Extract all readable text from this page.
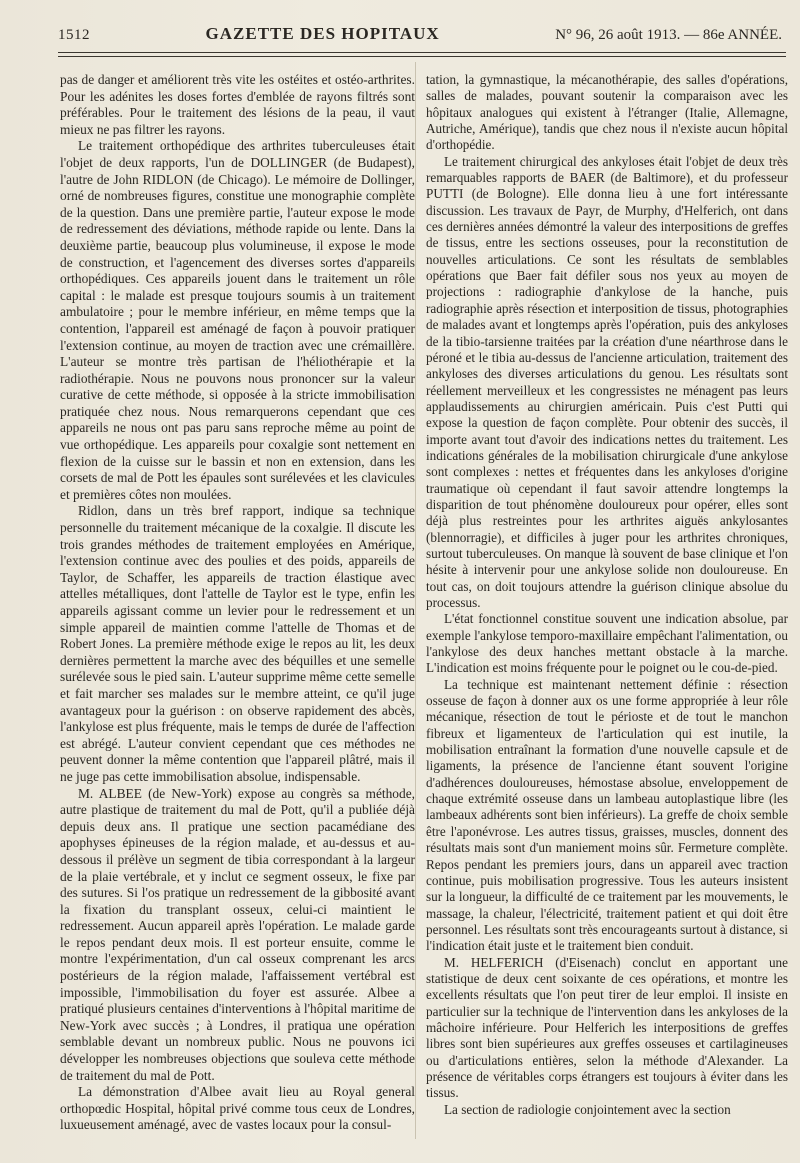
1512	GAZETTE DES HOPITAUX	N° 96, 26 août 1913. — 86e ANNÉE.

pas de danger et améliorent très vite les ostéites et ostéo-arthrites. Pour les adénites les doses fortes d'emblée de rayons filtrés sont préférables. Pour le traitement des lésions de la peau, il vaut mieux ne pas filtrer les rayons.

Le traitement orthopédique des arthrites tuberculeuses était l'objet de deux rapports, l'un de DOLLINGER (de Budapest), l'autre de John RIDLON (de Chicago). Le mémoire de Dollinger, orné de nombreuses figures, constitue une monographie complète de la question. Dans une première partie, l'auteur expose le mode de redressement des déviations, méthode rapide ou lente. Dans la deuxième partie, beaucoup plus volumineuse, il expose le mode de construction, et l'agencement des diverses sortes d'appareils orthopédiques. Ces appareils jouent dans le traitement un rôle capital : le malade est presque toujours soumis à un traitement ambulatoire ; pour le membre inférieur, en même temps que la contention, l'appareil est aménagé de façon à pouvoir pratiquer l'extension continue, au moyen de traction avec une crémaillère. L'auteur se montre très partisan de l'héliothérapie et la radiothérapie. Nous ne pouvons nous prononcer sur la valeur curative de cette méthode, si opposée à la stricte immobilisation pratiquée chez nous. Nous remarquerons cependant que ces appareils ne nous ont pas paru sans reproche même au point de vue orthopédique. Les appareils pour coxalgie sont nettement en flexion de la cuisse sur le bassin et non en extension, dans les corsets de mal de Pott les épaules sont surélevées et les clavicules et premières côtes non moulées.

Ridlon, dans un très bref rapport, indique sa technique personnelle du traitement mécanique de la coxalgie. Il discute les trois grandes méthodes de traitement employées en Amérique, l'extension continue avec des poulies et des poids, appareils de Taylor, de Schaffer, les appareils de traction élastique avec attelles métalliques, dont l'attelle de Taylor est le type, enfin les appareils agissant comme un levier pour le redressement et un simple appareil de maintien comme l'attelle de Thomas et de Robert Jones. La première méthode exige le repos au lit, les deux dernières permettent la marche avec des béquilles et une semelle surélevée sous le pied sain. L'auteur supprime même cette semelle et fait marcher ses malades sur le membre atteint, ce qu'il juge avantageux pour la guérison : on observe rapidement des abcès, l'ankylose est plus fréquente, mais le temps de durée de l'affection est abrégé. L'auteur convient cependant que ces méthodes ne peuvent donner la même contention que l'appareil plâtré, mais il ne juge pas cette immobilisation absolue, indispensable.

M. ALBEE (de New-York) expose au congrès sa méthode, autre plastique de traitement du mal de Pott, qu'il a publiée déjà depuis deux ans. Il pratique une section pacamédiane des apophyses épineuses de la région malade, et au-dessus et au-dessous il prélève un segment de tibia correspondant à la largeur de la plaie vertébrale, et y inclut ce segment osseux, le fixe par des sutures. Si l'os pratique un redressement de la gibbosité avant la fixation du transplant osseux, celui-ci maintient le redressement. Aucun appareil après l'opération. Le malade garde le repos pendant deux mois. Il est porteur ensuite, comme le montre l'expérimentation, d'un cal osseux comprenant les arcs postérieurs de la région malade, l'affaissement vertébral est impossible, l'immobilisation du foyer est assurée. Albee a pratiqué plusieurs centaines d'interventions à l'hôpital maritime de New-York avec succès ; à Londres, il pratiqua une opération semblable devant un nombreux public. Nous ne pouvons ici développer les nombreuses objections que souleva cette méthode de traitement du mal de Pott.

La démonstration d'Albee avait lieu au Royal general orthopœdic Hospital, hôpital privé comme tous ceux de Londres, luxueusement aménagé, avec de vastes locaux pour la consul-

tation, la gymnastique, la mécanothérapie, des salles d'opérations, salles de malades, pouvant soutenir la comparaison avec les hôpitaux analogues qui existent à l'étranger (Italie, Allemagne, Autriche, Amérique), tandis que chez nous il n'existe aucun hôpital d'orthopédie.

Le traitement chirurgical des ankyloses était l'objet de deux très remarquables rapports de BAER (de Baltimore), et du professeur PUTTI (de Bologne). Elle donna lieu à une fort intéressante discussion. Les travaux de Payr, de Murphy, d'Helferich, ont dans ces dernières années démontré la valeur des interpositions de greffes de tissus, entre les sections osseuses, pour la reconstitution de nouvelles articulations. Ce sont les résultats de semblables opérations que Baer fait défiler sous nos yeux au moyen de projections : radiographie d'ankylose de la hanche, puis radiographie après résection et interposition de tissus, photographies de malades avant et longtemps après l'opération, puis des ankyloses de la tibio-tarsienne traitées par la création d'une néarthrose dans le péroné et le tibia au-dessus de l'ancienne articulation, traitement des ankyloses des diverses articulations du genou. Les résultats sont réellement merveilleux et les congressistes ne ménagent pas leurs applaudissements au chirurgien américain. Puis c'est Putti qui expose la question de façon complète. Pour obtenir des succès, il importe avant tout d'avoir des indications nettes du traitement. Les indications générales de la mobilisation chirurgicale d'une ankylose sont complexes : nettes et fréquentes dans les ankyloses d'origine traumatique où cependant il faut savoir attendre longtemps la disparition de tout phénomène douloureux pour opérer, elles sont déjà plus restreintes pour les arthrites aiguës ankylosantes (blennorragie), et difficiles à juger pour les arthrites chroniques, surtout tuberculeuses. On manque là souvent de base clinique et l'on hésite à intervenir pour une ankylose solide non douloureuse. En tout cas, on doit toujours attendre la guérison clinique absolue du processus.

L'état fonctionnel constitue souvent une indication absolue, par exemple l'ankylose temporo-maxillaire empêchant l'alimentation, ou l'ankylose des deux hanches mettant obstacle à la marche. L'indication est moins fréquente pour le poignet ou le cou-de-pied.

La technique est maintenant nettement définie : résection osseuse de façon à donner aux os une forme appropriée à leur rôle mécanique, résection de tout le périoste et de tout le manchon fibreux et ligamenteux de l'articulation qui est inutile, la mobilisation entraînant la formation d'une nouvelle capsule et de ligaments, la présence de l'ancienne étant souvent l'origine d'adhérences douloureuses, hémostase absolue, enveloppement de chaque extrémité osseuse dans un lambeau autoplastique libre (les lambeaux adhérents sont bien inférieurs). La greffe de choix semble être l'aponévrose. Les autres tissus, graisses, muscles, donnent des résultats mais sont d'un maniement moins sûr. Fermeture complète. Repos pendant les premiers jours, dans un appareil avec traction continue, puis mobilisation progressive. Tous les auteurs insistent sur la longueur, la difficulté de ce traitement par les mouvements, le massage, la chaleur, l'électricité, traitement patient et qui doit être personnel. Les résultats sont très encourageants surtout à distance, si l'indication était juste et le traitement bien conduit.

M. HELFERICH (d'Eisenach) conclut en apportant une statistique de deux cent soixante de ces opérations, et montre les excellents résultats que l'on peut tirer de leur emploi. Il insiste en particulier sur la technique de l'intervention dans les ankyloses de la mâchoire inférieure. Pour Helferich les interpositions de greffes libres sont bien supérieures aux greffes osseuses et cartilagineuses ou d'articulations entières, selon la méthode d'Alexander. La présence de véritables corps étrangers est toujours à éviter dans les tissus.

La section de radiologie conjointement avec la section
